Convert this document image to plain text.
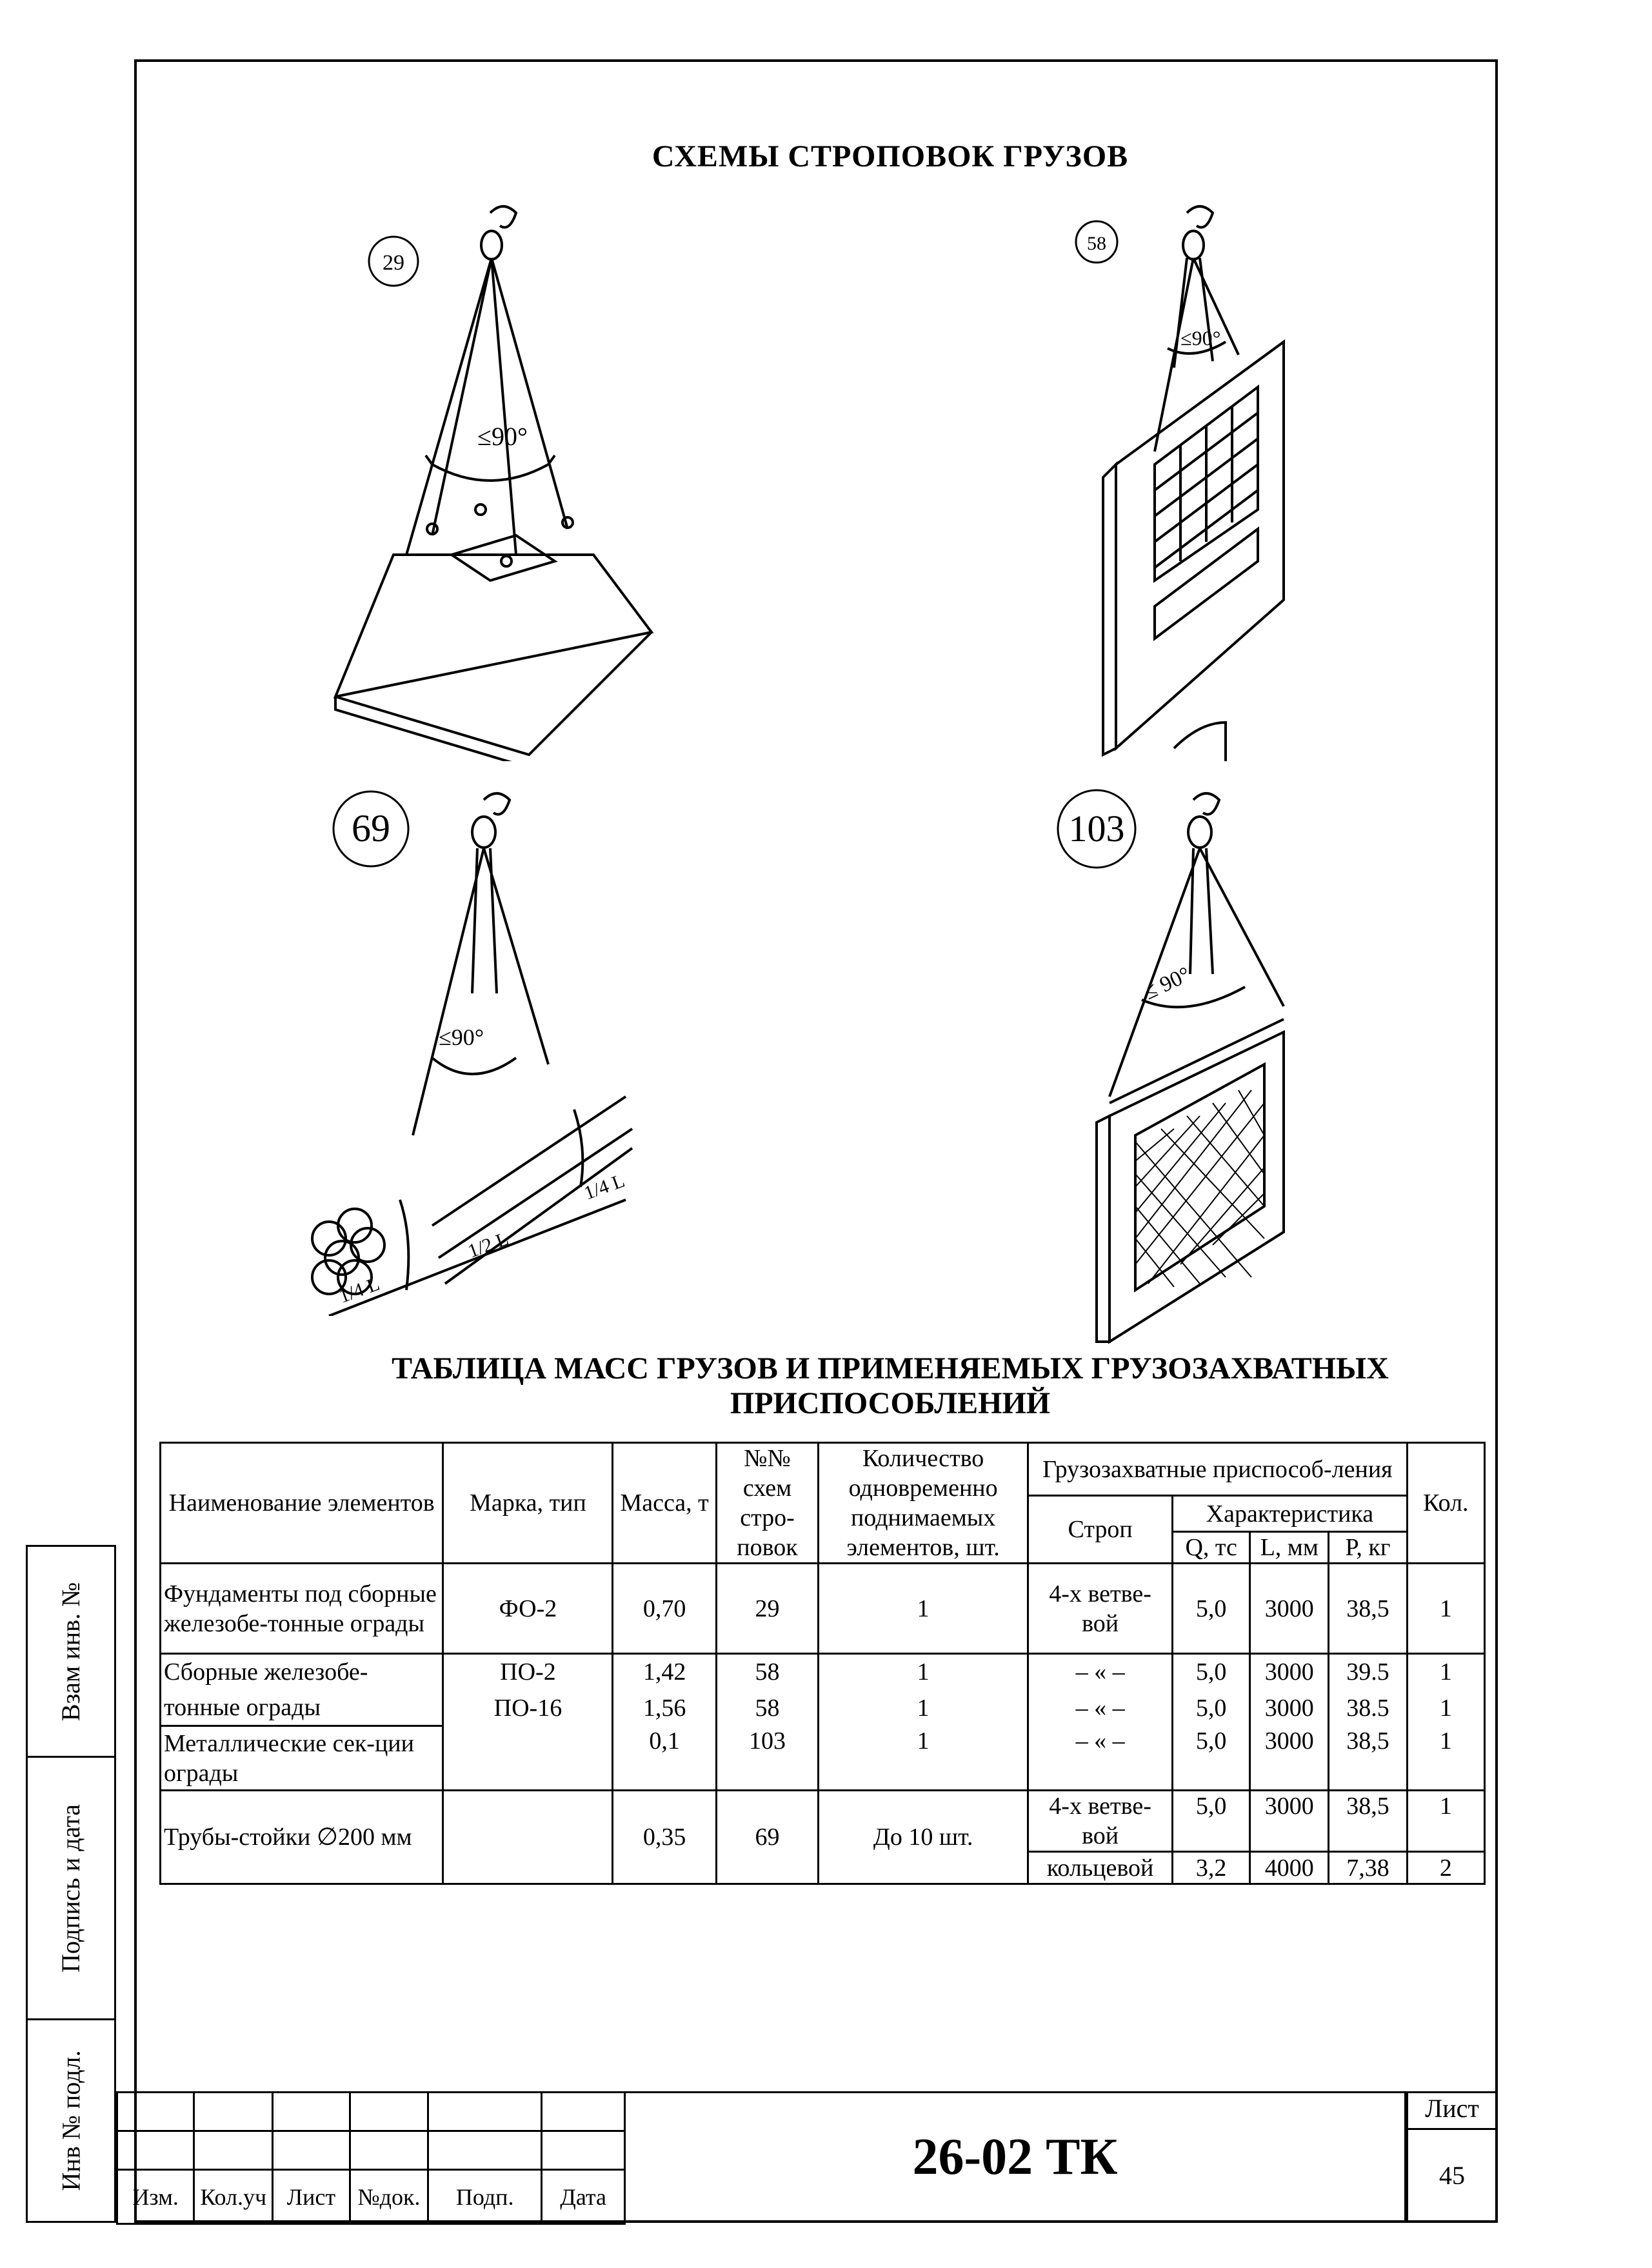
СХЕМЫ СТРОПОВОК ГРУЗОВ
≤90°
29
≤90°
58
≤90°
1/4 L
1/2 L
1/4 L
69
≤ 90°
103
ТАБЛИЦА МАСС ГРУЗОВ И ПРИМЕНЯЕМЫХ ГРУЗОЗАХВАТНЫХ
ПРИСПОСОБЛЕНИЙ
Наименование элементов	Марка, тип	Масса, т	№№ схем стро-повок	Количество одновременно поднимаемых элементов, шт.	Грузозахватные приспособ-ления				Кол.
					Строп	Характеристика			
						Q, тс	L, мм	P, кг	
Фундаменты под сборные железобе-тонные ограды	ФО-2	0,70	29	1	4-х ветве-вой	5,0	3000	38,5	1
Сборные железобе-	ПО-2	1,42	58	1	– « –	5,0	3000	39.5	1
тонные ограды	ПО-16	1,56	58	1	– « –	5,0	3000	38.5	1
Металлические сек-ции ограды		0,1	103	1	– « –	5,0	3000	38,5	1
Трубы-стойки ∅200 мм		0,35	69	До 10 шт.	4-х ветве-вой	5,0	3000	38,5	1
					кольцевой	3,2	4000	7,38	2
Взам инв. №
Подпись и дата
Инв № подл.

Изм.	Кол.уч	Лист	№док.	Подп.	Дата
26-02 ТК
Лист
45
